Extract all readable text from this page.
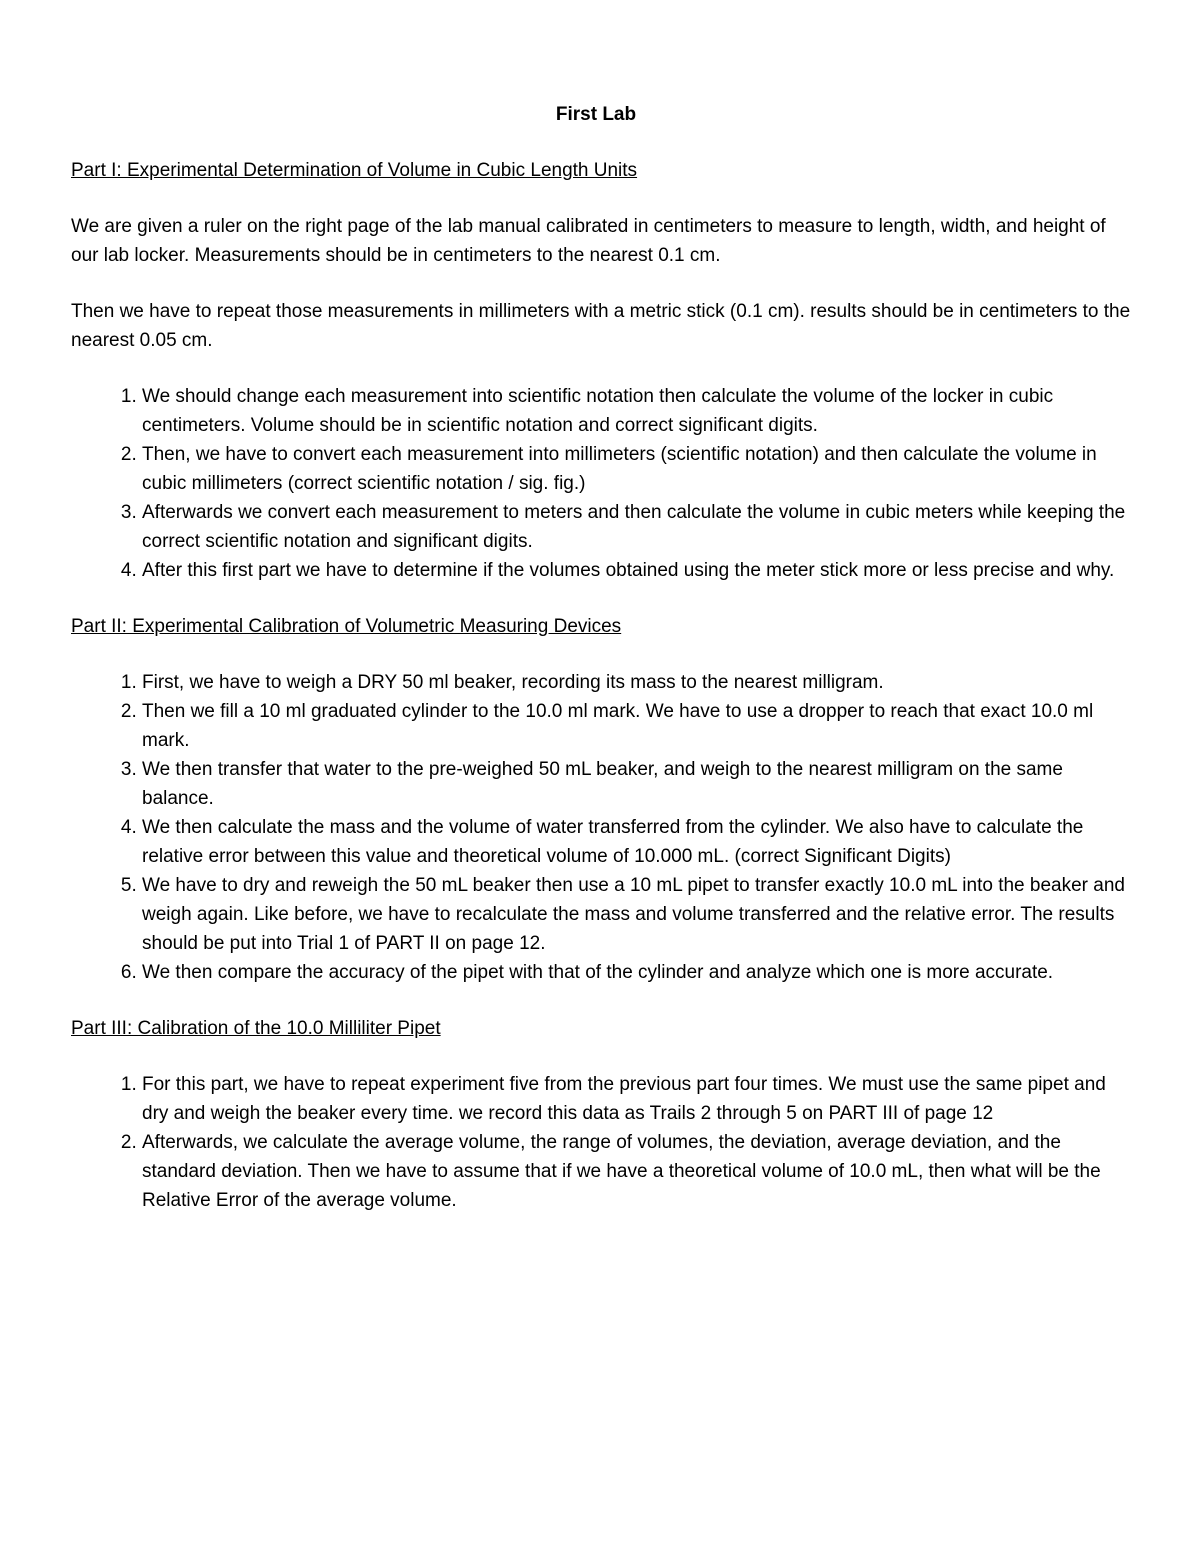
First Lab
Part I: Experimental Determination of Volume in Cubic Length Units

We are given a ruler on the right page of the lab manual calibrated in centimeters to measure to length, width, and height of our lab locker. Measurements should be in centimeters to the nearest 0.1 cm.

Then we have to repeat those measurements in millimeters with a metric stick (0.1 cm). results should be in centimeters to the nearest 0.05 cm.

1. We should change each measurement into scientific notation then calculate the volume of the locker in cubic centimeters. Volume should be in scientific notation and correct significant digits.
2. Then, we have to convert each measurement into millimeters (scientific notation) and then calculate the volume in cubic millimeters (correct scientific notation / sig. fig.)
3. Afterwards we convert each measurement to meters and then calculate the volume in cubic meters while keeping the correct scientific notation and significant digits.
4. After this first part we have to determine if the volumes obtained using the meter stick more or less precise and why.
Part II: Experimental Calibration of Volumetric Measuring Devices
1. First, we have to weigh a DRY 50 ml beaker, recording its mass to the nearest milligram.
2. Then we fill a 10 ml graduated cylinder to the 10.0 ml mark. We have to use a dropper to reach that exact 10.0 ml mark.
3. We then transfer that water to the pre-weighed 50 mL beaker, and weigh to the nearest milligram on the same balance.
4. We then calculate the mass and the volume of water transferred from the cylinder. We also have to calculate the relative error between this value and theoretical volume of 10.000 mL. (correct Significant Digits)
5. We have to dry and reweigh the 50 mL beaker then use a 10 mL pipet to transfer exactly 10.0 mL into the beaker and weigh again. Like before, we have to recalculate the mass and volume transferred and the relative error. The results should be put into Trial 1 of PART II on page 12.
6. We then compare the accuracy of the pipet with that of the cylinder and analyze which one is more accurate.
Part III: Calibration of the 10.0 Milliliter Pipet
1. For this part, we have to repeat experiment five from the previous part four times. We must use the same pipet and dry and weigh the beaker every time. we record this data as Trails 2 through 5 on PART III of page 12
2. Afterwards, we calculate the average volume, the range of volumes, the deviation, average deviation, and the standard deviation. Then we have to assume that if we have a theoretical volume of 10.0 mL, then what will be the Relative Error of the average volume.
